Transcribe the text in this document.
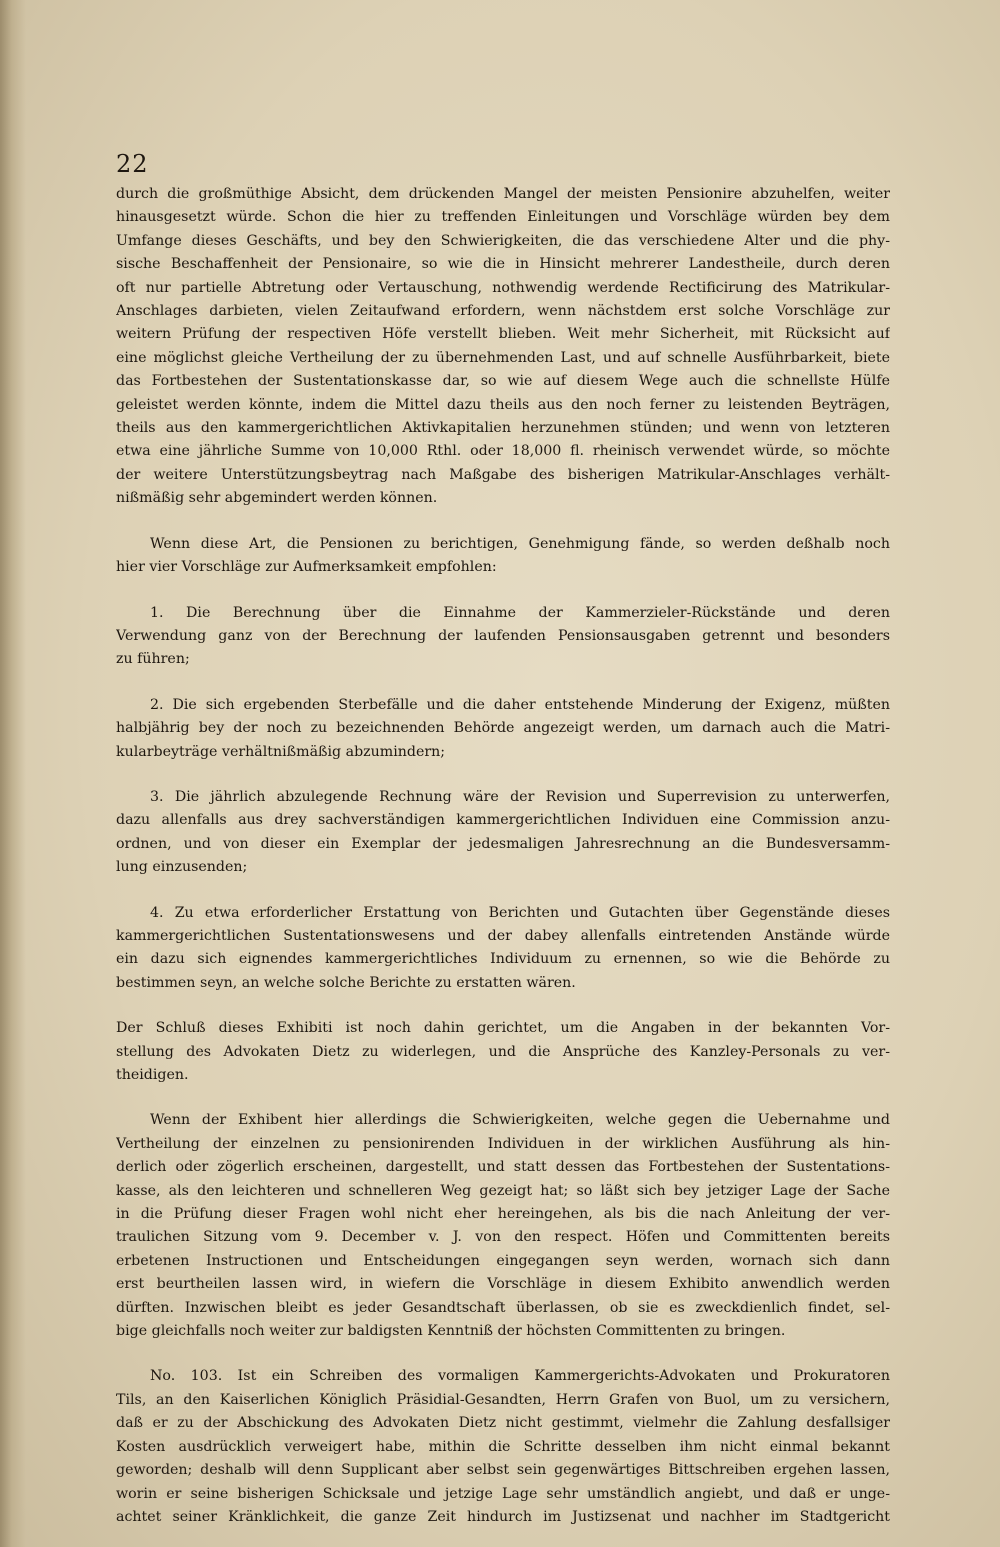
22

durch die großmüthige Absicht, dem drückenden Mangel der meisten Pensionire abzuhelfen, weiter
hinausgesetzt würde. Schon die hier zu treffenden Einleitungen und Vorschläge würden bey dem
Umfange dieses Geschäfts, und bey den Schwierigkeiten, die das verschiedene Alter und die phy-
sische Beschaffenheit der Pensionaire, so wie die in Hinsicht mehrerer Landestheile, durch deren
oft nur partielle Abtretung oder Vertauschung, nothwendig werdende Rectificirung des Matrikular-
Anschlages darbieten, vielen Zeitaufwand erfordern, wenn nächstdem erst solche Vorschläge zur
weitern Prüfung der respectiven Höfe verstellt blieben. Weit mehr Sicherheit, mit Rücksicht auf
eine möglichst gleiche Vertheilung der zu übernehmenden Last, und auf schnelle Ausführbarkeit, biete
das Fortbestehen der Sustentationskasse dar, so wie auf diesem Wege auch die schnellste Hülfe
geleistet werden könnte, indem die Mittel dazu theils aus den noch ferner zu leistenden Beyträgen,
theils aus den kammergerichtlichen Aktivkapitalien herzunehmen stünden; und wenn von letzteren
etwa eine jährliche Summe von 10,000 Rthl. oder 18,000 fl. rheinisch verwendet würde, so möchte
der weitere Unterstützungsbeytrag nach Maßgabe des bisherigen Matrikular-Anschlages verhält-
nißmäßig sehr abgemindert werden können.
Wenn diese Art, die Pensionen zu berichtigen, Genehmigung fände, so werden deßhalb noch
hier vier Vorschläge zur Aufmerksamkeit empfohlen:
1. Die Berechnung über die Einnahme der Kammerzieler-Rückstände und deren
Verwendung ganz von der Berechnung der laufenden Pensionsausgaben getrennt und besonders
zu führen;
2. Die sich ergebenden Sterbefälle und die daher entstehende Minderung der Exigenz, müßten
halbjährig bey der noch zu bezeichnenden Behörde angezeigt werden, um darnach auch die Matri-
kularbeyträge verhältnißmäßig abzumindern;
3. Die jährlich abzulegende Rechnung wäre der Revision und Superrevision zu unterwerfen,
dazu allenfalls aus drey sachverständigen kammergerichtlichen Individuen eine Commission anzu-
ordnen, und von dieser ein Exemplar der jedesmaligen Jahresrechnung an die Bundesversamm-
lung einzusenden;
4. Zu etwa erforderlicher Erstattung von Berichten und Gutachten über Gegenstände dieses
kammergerichtlichen Sustentationswesens und der dabey allenfalls eintretenden Anstände würde
ein dazu sich eignendes kammergerichtliches Individuum zu ernennen, so wie die Behörde zu
bestimmen seyn, an welche solche Berichte zu erstatten wären.
Der Schluß dieses Exhibiti ist noch dahin gerichtet, um die Angaben in der bekannten Vor-
stellung des Advokaten Dietz zu widerlegen, und die Ansprüche des Kanzley-Personals zu ver-
theidigen.
Wenn der Exhibent hier allerdings die Schwierigkeiten, welche gegen die Uebernahme und
Vertheilung der einzelnen zu pensionirenden Individuen in der wirklichen Ausführung als hin-
derlich oder zögerlich erscheinen, dargestellt, und statt dessen das Fortbestehen der Sustentations-
kasse, als den leichteren und schnelleren Weg gezeigt hat; so läßt sich bey jetziger Lage der Sache
in die Prüfung dieser Fragen wohl nicht eher hereingehen, als bis die nach Anleitung der ver-
traulichen Sitzung vom 9. December v. J. von den respect. Höfen und Committenten bereits
erbetenen Instructionen und Entscheidungen eingegangen seyn werden, wornach sich dann
erst beurtheilen lassen wird, in wiefern die Vorschläge in diesem Exhibito anwendlich werden
dürften. Inzwischen bleibt es jeder Gesandtschaft überlassen, ob sie es zweckdienlich findet, sel-
bige gleichfalls noch weiter zur baldigsten Kenntniß der höchsten Committenten zu bringen.
No. 103. Ist ein Schreiben des vormaligen Kammergerichts-Advokaten und Prokuratoren
Tils, an den Kaiserlichen Königlich Präsidial-Gesandten, Herrn Grafen von Buol, um zu versichern,
daß er zu der Abschickung des Advokaten Dietz nicht gestimmt, vielmehr die Zahlung desfallsiger
Kosten ausdrücklich verweigert habe, mithin die Schritte desselben ihm nicht einmal bekannt
geworden; deshalb will denn Supplicant aber selbst sein gegenwärtiges Bittschreiben ergehen lassen,
worin er seine bisherigen Schicksale und jetzige Lage sehr umständlich angiebt, und daß er unge-
achtet seiner Kränklichkeit, die ganze Zeit hindurch im Justizsenat und nachher im Stadtgericht
